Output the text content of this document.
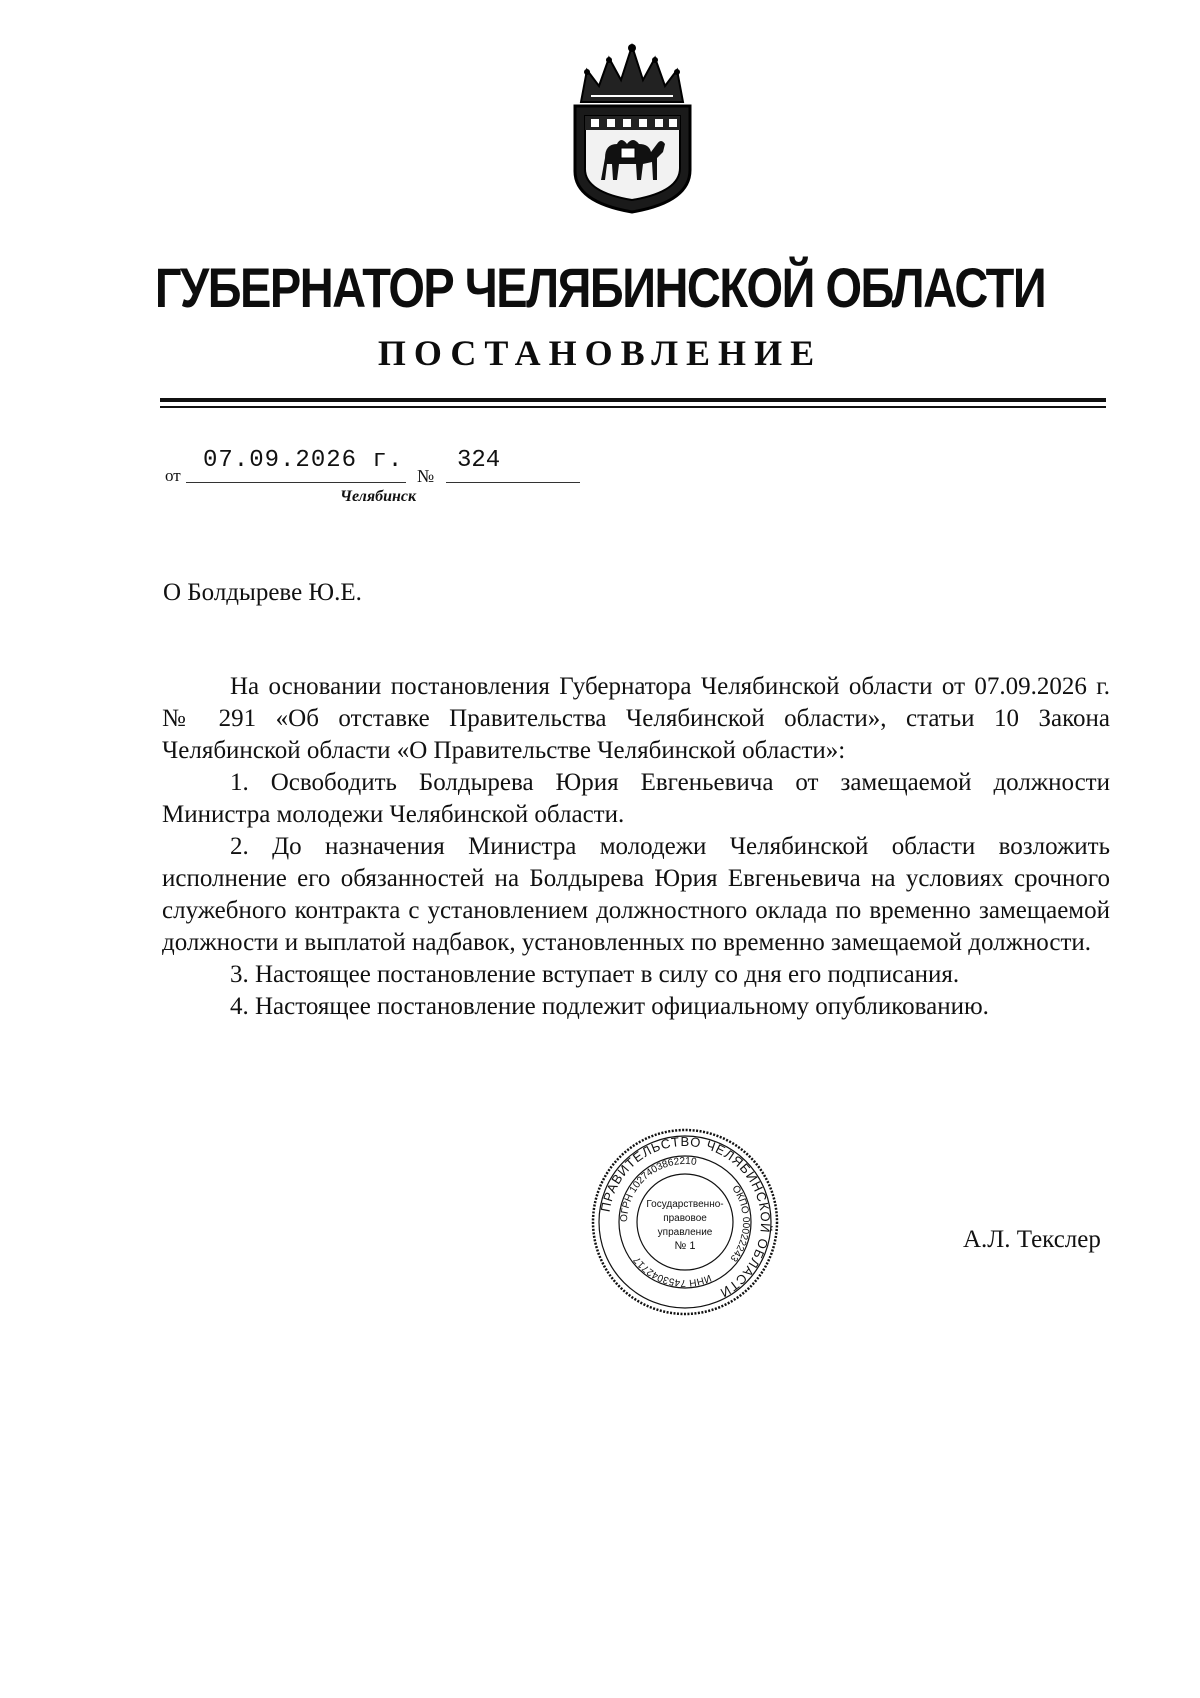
ГУБЕРНАТОР ЧЕЛЯБИНСКОЙ ОБЛАСТИ
ПОСТАНОВЛЕНИЕ
от
07.09.2026 г.
№
324
Челябинск
О Болдыреве Ю.Е.

На основании постановления Губернатора Челябинской области от 07.09.2026 г. № 291 «Об отставке Правительства Челябинской области», статьи 10 Закона Челябинской области «О Правительстве Челябинской области»:

1. Освободить Болдырева Юрия Евгеньевича от замещаемой должности Министра молодежи Челябинской области.

2. До назначения Министра молодежи Челябинской области возложить исполнение его обязанностей на Болдырева Юрия Евгеньевича на условиях срочного служебного контракта с установлением должностного оклада по временно замещаемой должности и выплатой надбавок, установленных по временно замещаемой должности.

3. Настоящее постановление вступает в силу со дня его подписания.

4. Настоящее постановление подлежит официальному опубликованию.

ПРАВИТЕЛЬСТВО ЧЕЛЯБИНСКОЙ ОБЛАСТИ
ОГРН 1027403862210
ОКПО 00022243
ИНН 7453042717
Государственно-
правовое
управление
№ 1	А.Л. Текслер
